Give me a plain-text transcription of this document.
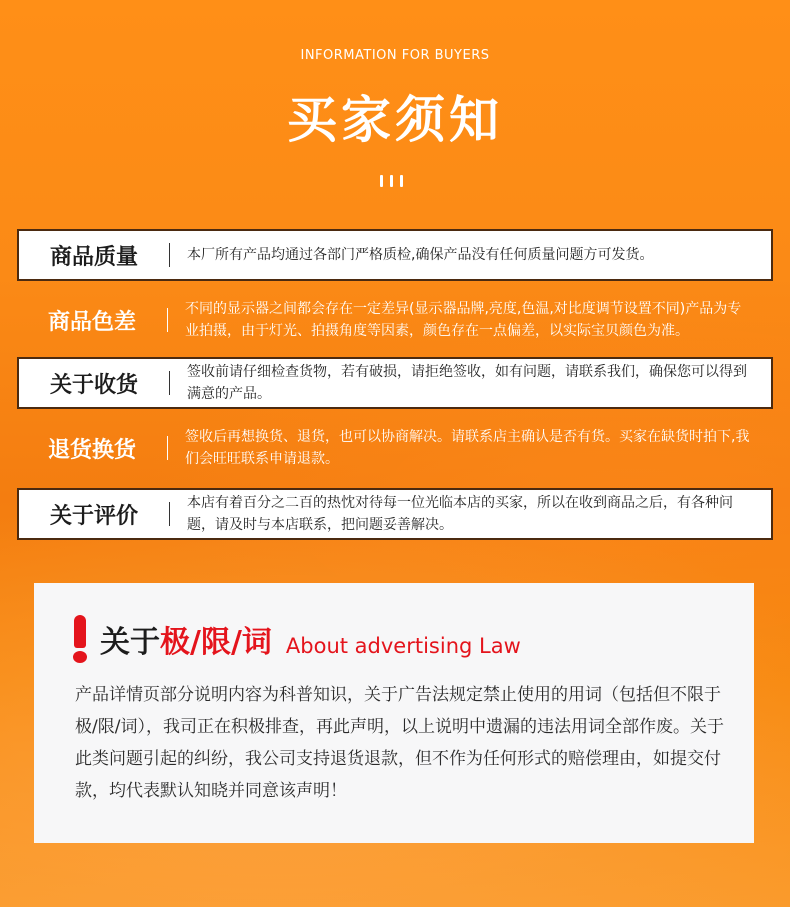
INFORMATION FOR BUYERS
买家须知
商品质量	本厂所有产品均通过各部门严格质检,确保产品没有任何质量问题方可发货。
商品色差
不同的显示器之间都会存在一定差异(显示器品牌,亮度,色温,对比度调节设置不同)产品为专业拍摄，由于灯光、拍摄角度等因素，颜色存在一点偏差，以实际宝贝颜色为准。
关于收货
签收前请仔细检查货物，若有破损，请拒绝签收，如有问题，请联系我们，确保您可以得到满意的产品。
退货换货
签收后再想换货、退货，也可以协商解决。请联系店主确认是否有货。买家在缺货时拍下,我们会旺旺联系申请退款。
关于评价
本店有着百分之二百的热忱对待每一位光临本店的买家，所以在收到商品之后，有各种问题，请及时与本店联系，把问题妥善解决。
关于 极/限/词 About advertising Law
产品详情页部分说明内容为科普知识，关于广告法规定禁止使用的用词（包括但不限于极/限/词），我司正在积极排查，再此声明，以上说明中遗漏的违法用词全部作废。关于此类问题引起的纠纷，我公司支持退货退款，但不作为任何形式的赔偿理由，如提交付款，均代表默认知晓并同意该声明！
